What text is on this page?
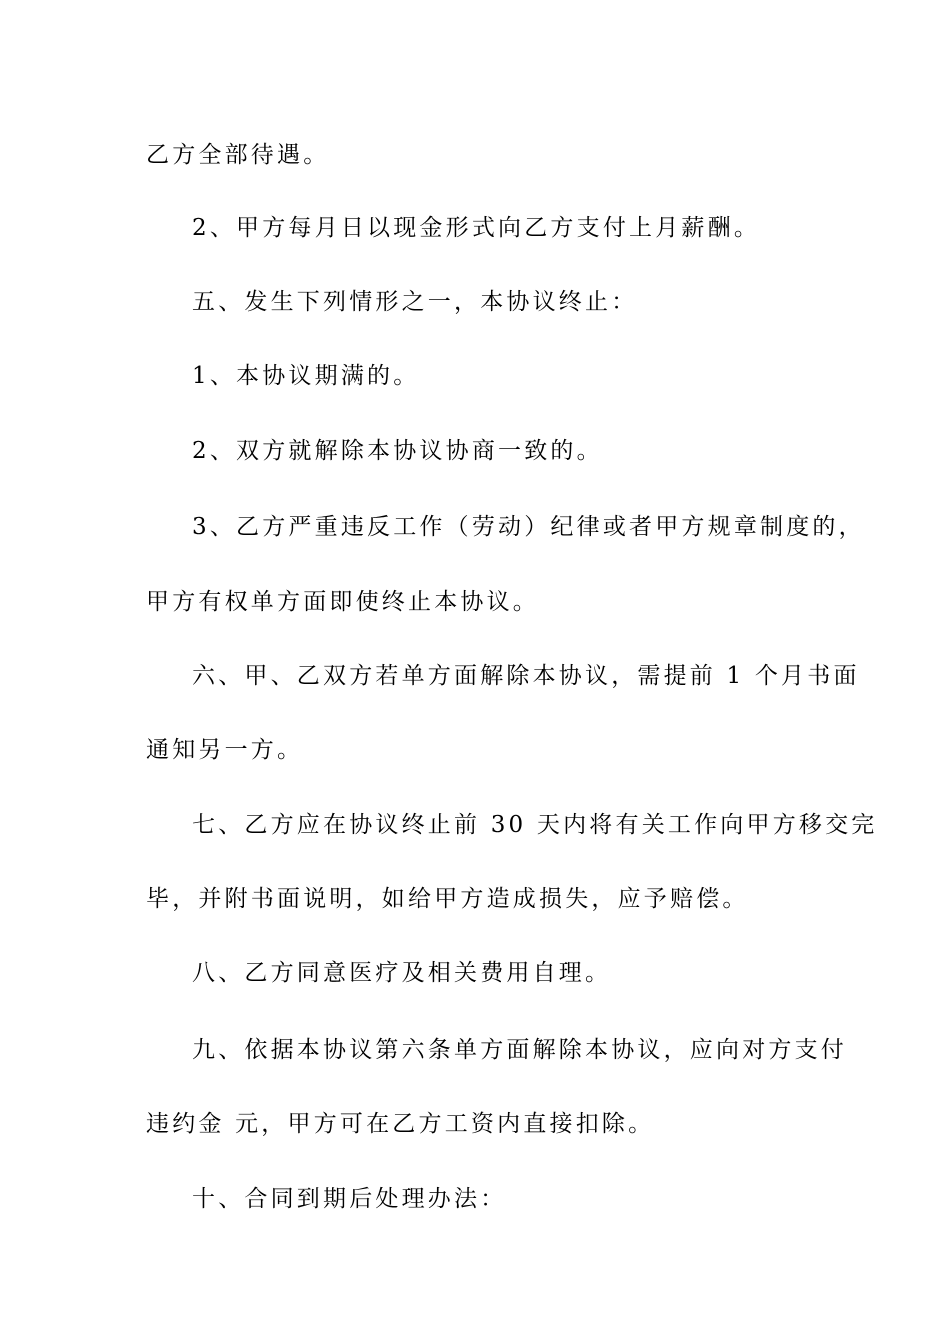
乙方全部待遇。
2、甲方每月日以现金形式向乙方支付上月薪酬。
五、发生下列情形之一，本协议终止：
1、本协议期满的。
2、双方就解除本协议协商一致的。
3、乙方严重违反工作（劳动）纪律或者甲方规章制度的，
甲方有权单方面即使终止本协议。
六、甲、乙双方若单方面解除本协议，需提前 1 个月书面
通知另一方。
七、乙方应在协议终止前 30 天内将有关工作向甲方移交完
毕，并附书面说明，如给甲方造成损失，应予赔偿。
八、乙方同意医疗及相关费用自理。
九、依据本协议第六条单方面解除本协议，应向对方支付
违约金 元，甲方可在乙方工资内直接扣除。
十、合同到期后处理办法：
